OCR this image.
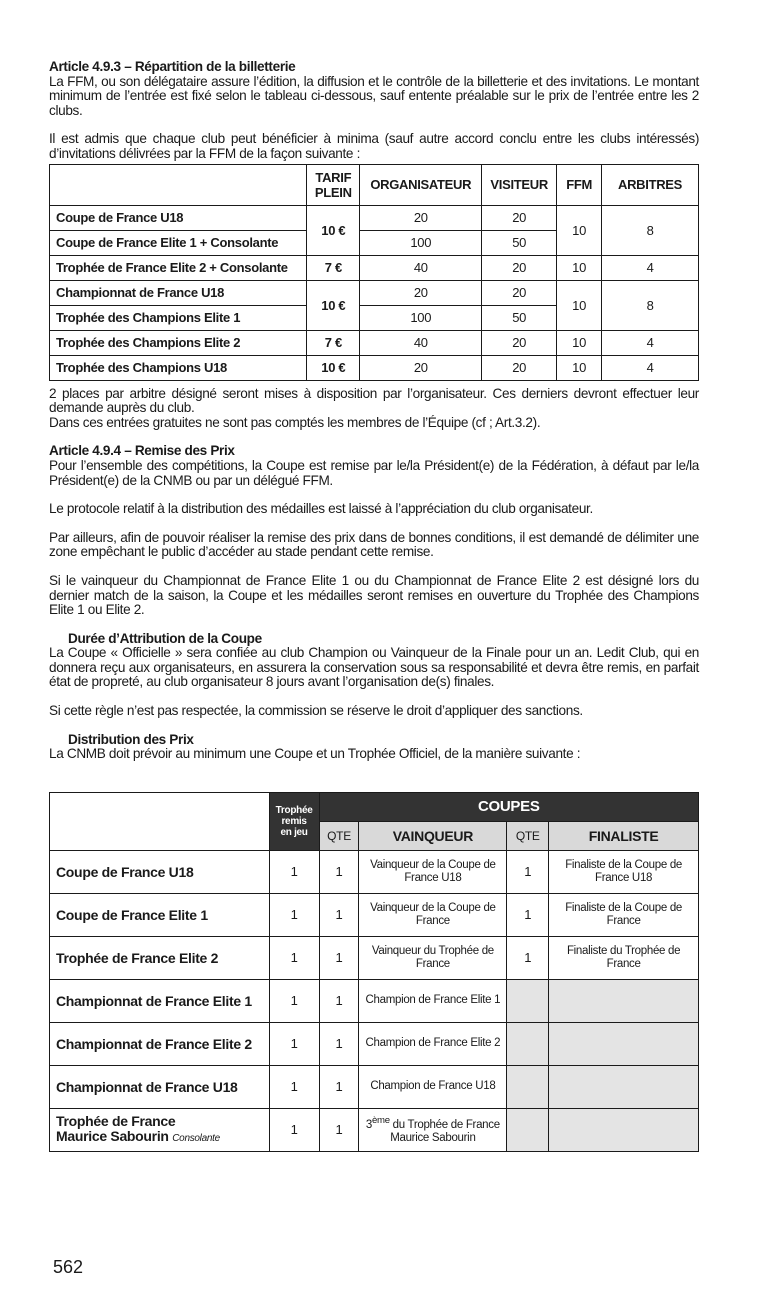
Article 4.9.3 – Répartition de la billetterie

La FFM, ou son délégataire assure l’édition, la diffusion et le contrôle de la billetterie et des invitations. Le montant minimum de l’entrée est fixé selon le tableau ci-dessous, sauf entente préalable sur le prix de l’entrée entre les 2 clubs.

Il est admis que chaque club peut bénéficier à minima (sauf autre accord conclu entre les clubs intéressés) d’invitations délivrées par la FFM de la façon suivante :

	TARIF PLEIN	ORGANISATEUR	VISITEUR	FFM	ARBITRES
Coupe de France U18	10 €	20	20	10	8
Coupe de France Elite 1 + Consolante		100	50		
Trophée de France Elite 2 + Consolante	7 €	40	20	10	4
Championnat de France U18	10 €	20	20	10	8
Trophée des Champions Elite 1		100	50		
Trophée des Champions Elite 2	7 €	40	20	10	4
Trophée des Champions U18	10 €	20	20	10	4

2 places par arbitre désigné seront mises à disposition par l’organisateur. Ces derniers devront effectuer leur demande auprès du club.

Dans ces entrées gratuites ne sont pas comptés les membres de l’Équipe (cf ; Art.3.2).

Article 4.9.4 – Remise des Prix

Pour l’ensemble des compétitions, la Coupe est remise par le/la Président(e) de la Fédération, à défaut par le/la Président(e) de la CNMB ou par un délégué FFM.

Le protocole relatif à la distribution des médailles est laissé à l’appréciation du club organisateur.

Par ailleurs, afin de pouvoir réaliser la remise des prix dans de bonnes conditions, il est demandé de délimiter une zone empêchant le public d’accéder au stade pendant cette remise.

Si le vainqueur du Championnat de France Elite 1 ou du Championnat de France Elite 2 est désigné lors du dernier match de la saison, la Coupe et les médailles seront remises en ouverture du Trophée des Champions Elite 1 ou Elite 2.

Durée d’Attribution de la Coupe

La Coupe « Officielle » sera confiée au club Champion ou Vainqueur de la Finale pour un an. Ledit Club, qui en donnera reçu aux organisateurs, en assurera la conservation sous sa responsabilité et devra être remis, en parfait état de propreté, au club organisateur 8 jours avant l’organisation de(s) finales.

Si cette règle n’est pas respectée, la commission se réserve le droit d’appliquer des sanctions.

Distribution des Prix

La CNMB doit prévoir au minimum une Coupe et un Trophée Officiel, de la manière suivante :

	Trophée
remis
en jeu	COUPES			
		QTE	VAINQUEUR	QTE	FINALISTE
Coupe de France U18	1	1	Vainqueur de la Coupe de France U18	1	Finaliste de la Coupe de France U18
Coupe de France Elite 1	1	1	Vainqueur de la Coupe de France	1	Finaliste de la Coupe de France
Trophée de France Elite 2	1	1	Vainqueur du Trophée de France	1	Finaliste du Trophée de France
Championnat de France Elite 1	1	1	Champion de France Elite 1		
Championnat de France Elite 2	1	1	Champion de France Elite 2		
Championnat de France U18	1	1	Champion de France U18		
Trophée de France
Maurice Sabourin Consolante	1	1	3ème du Trophée de France Maurice Sabourin		
562
